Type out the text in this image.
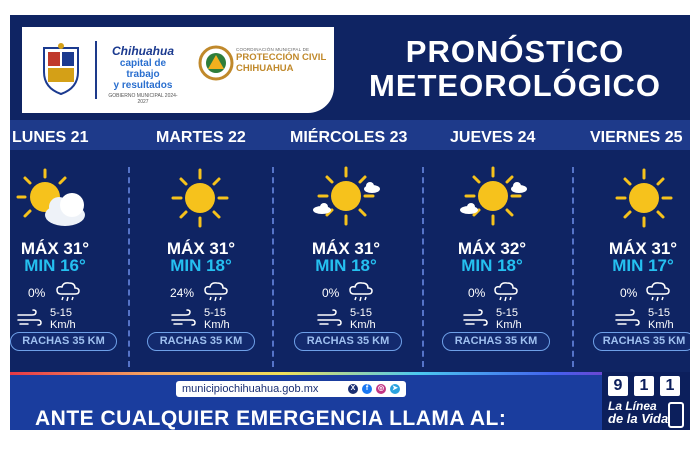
Chihuahua
capital de trabajo
y resultados
GOBIERNO MUNICIPAL 2024-2027
COORDINACIÓN MUNICIPAL DE
PROTECCIÓN CIVIL
CHIHUAHUA	PRONÓSTICO
METEOROLÓGICO
LUNES 21	MARTES 22	MIÉRCOLES 23	JUEVES 24	VIERNES 25
MÁX 31°
MIN 16°
0%
5-15
Km/h
RACHAS 35 KM
MÁX 31°
MIN 18°
24%
5-15
Km/h
RACHAS 35 KM
MÁX 31°
MIN 18°
0%
5-15
Km/h
RACHAS 35 KM
MÁX 32°
MIN 18°
0%
5-15
Km/h
RACHAS 35 KM
MÁX 31°
MIN 17°
0%
5-15
Km/h
RACHAS 35 KM
municipiochihuahua.gob.mx	X	f	◎ ➤
ANTE CUALQUIER EMERGENCIA LLAMA AL:
9	1	1
La Línea
de la Vida
